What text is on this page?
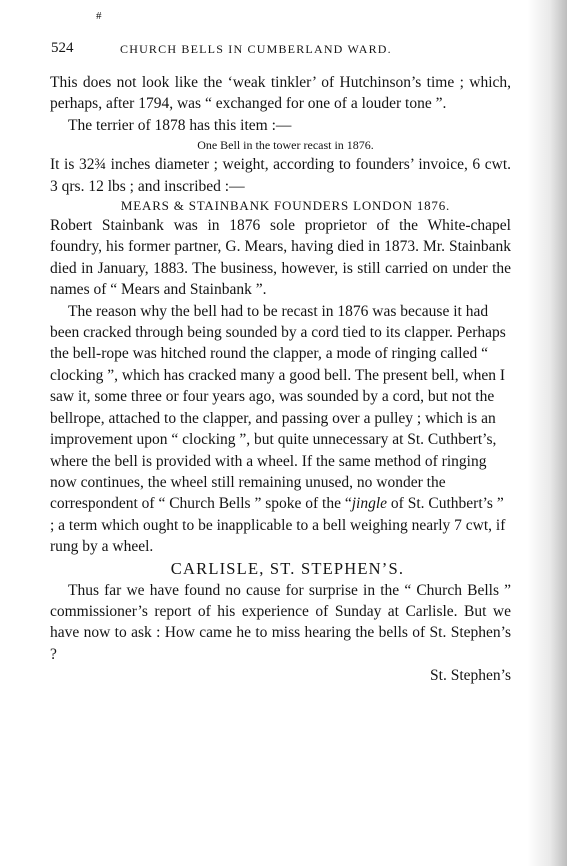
#
524	CHURCH BELLS IN CUMBERLAND WARD.

This does not look like the ‘weak tinkler’ of Hutchinson’s time ; which, perhaps, after 1794, was “ exchanged for one of a louder tone ”.

The terrier of 1878 has this item :—

One Bell in the tower recast in 1876.

It is 32¾ inches diameter ; weight, according to founders’ invoice, 6 cwt. 3 qrs. 12 lbs ; and inscribed :—

MEARS & STAINBANK FOUNDERS LONDON 1876.

Robert Stainbank was in 1876 sole proprietor of the White-chapel foundry, his former partner, G. Mears, having died in 1873. Mr. Stainbank died in January, 1883. The business, however, is still carried on under the names of “ Mears and Stainbank ”.

The reason why the bell had to be recast in 1876 was because it had been cracked through being sounded by a cord tied to its clapper. Perhaps the bell-rope was hitched round the clapper, a mode of ringing called “ clocking ”, which has cracked many a good bell. The present bell, when I saw it, some three or four years ago, was sounded by a cord, but not the bellrope, attached to the clapper, and passing over a pulley ; which is an improvement upon “ clocking ”, but quite unnecessary at St. Cuthbert’s, where the bell is provided with a wheel. If the same method of ringing now continues, the wheel still remaining unused, no wonder the correspondent of “ Church Bells ” spoke of the “jingle of St. Cuthbert’s ” ; a term which ought to be inapplicable to a bell weighing nearly 7 cwt, if rung by a wheel.

CARLISLE, ST. STEPHEN’S.

Thus far we have found no cause for surprise in the “ Church Bells ” commissioner’s report of his experience of Sunday at Carlisle. But we have now to ask : How came he to miss hearing the bells of St. Stephen’s ?

St. Stephen’s
